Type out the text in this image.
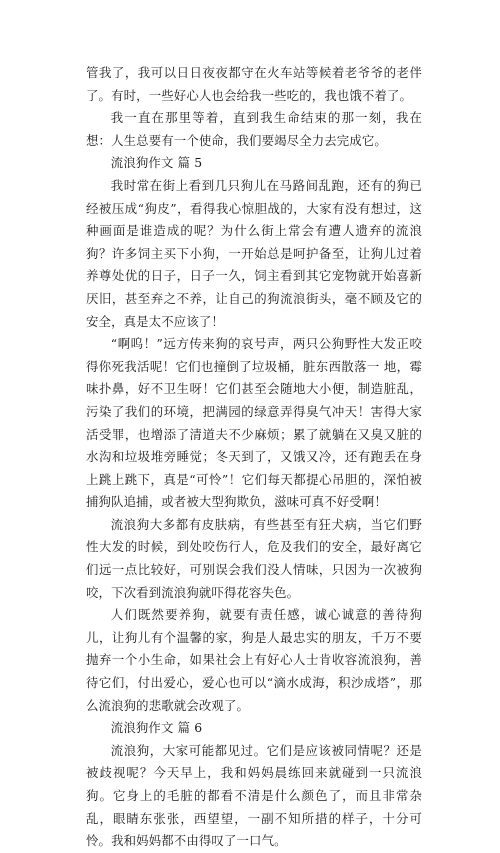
管我了，我可以日日夜夜都守在火车站等候着老爷爷的老伴了。有时，一些好心人也会给我一些吃的，我也饿不着了。

我一直在那里等着，直到我生命结束的那一刻，我在想：人生总要有一个使命，我们要竭尽全力去完成它。

流浪狗作文 篇 5

我时常在街上看到几只狗儿在马路间乱跑，还有的狗已经被压成“狗皮”，看得我心惊胆战的，大家有没有想过，这种画面是谁造成的呢？为什么街上常会有遭人遗弃的流浪狗？许多饲主买下小狗，一开始总是呵护备至，让狗儿过着养尊处优的日子，日子一久，饲主看到其它宠物就开始喜新厌旧，甚至弃之不养，让自己的狗流浪街头，毫不顾及它的安全，真是太不应该了！

“啊呜！”远方传来狗的哀号声，两只公狗野性大发正咬得你死我活呢！它们也撞倒了垃圾桶，脏东西散落一 地，霉味扑鼻，好不卫生呀！它们甚至会随地大小便，制造脏乱，污染了我们的环境，把满园的绿意弄得臭气冲天！害得大家活受罪，也增添了清道夫不少麻烦；累了就躺在又臭又脏的水沟和垃圾堆旁睡觉；冬天到了，又饿又冷，还有跑丢在身上跳上跳下，真是“可怜”！它们每天都提心吊胆的，深怕被捕狗队追捕，或者被大型狗欺负，滋味可真不好受啊！

流浪狗大多都有皮肤病，有些甚至有狂犬病，当它们野性大发的时候，到处咬伤行人，危及我们的安全，最好离它们远一点比较好，可别误会我们没人情味，只因为一次被狗咬，下次看到流浪狗就吓得花容失色。

人们既然要养狗，就要有责任感，诚心诚意的善待狗儿，让狗儿有个温馨的家，狗是人最忠实的朋友，千万不要抛弃一个小生命，如果社会上有好心人士肯收容流浪狗，善待它们，付出爱心，爱心也可以“滴水成海，积沙成塔”，那么流浪狗的悲歌就会改观了。

流浪狗作文 篇 6

流浪狗，大家可能都见过。它们是应该被同情呢？还是被歧视呢？今天早上，我和妈妈晨练回来就碰到一只流浪狗。它身上的毛脏的都看不清是什么颜色了，而且非常杂乱，眼睛东张张，西望望，一副不知所措的样子，十分可怜。我和妈妈都不由得叹了一口气。
